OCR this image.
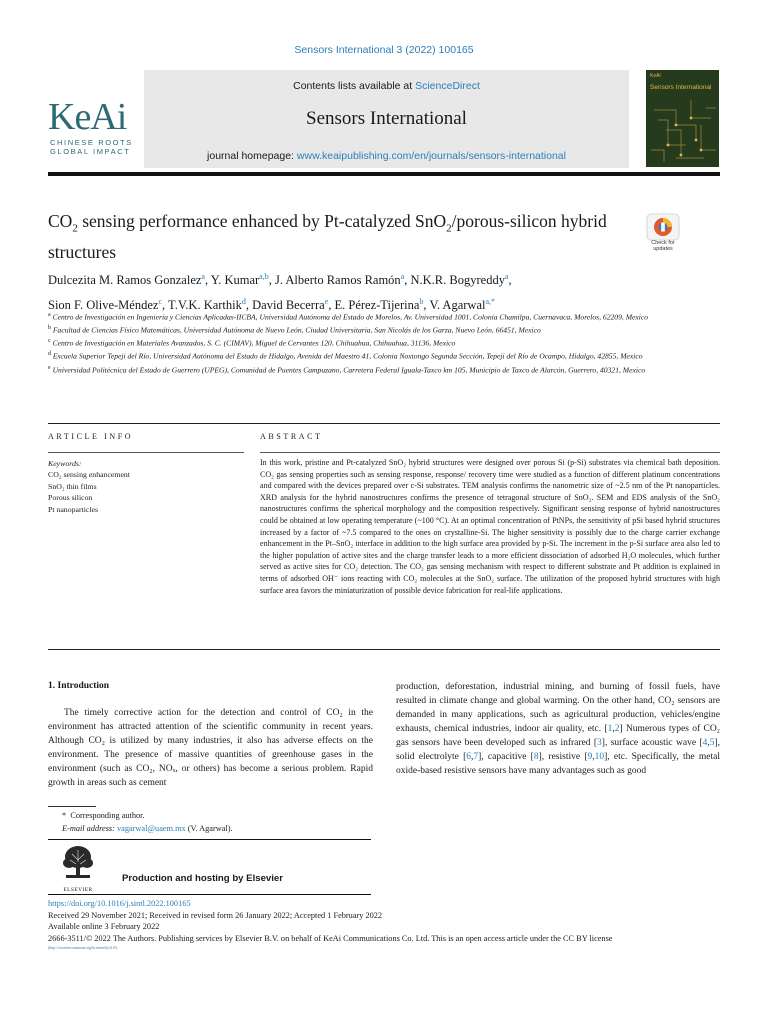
Sensors International 3 (2022) 100165
KeAi
CHINESE ROOTS
GLOBAL IMPACT
Contents lists available at ScienceDirect
Sensors International
journal homepage: www.keaipublishing.com/en/journals/sensors-international
KeAi
Sensors International
$CO_2$ sensing performance enhanced by Pt-catalyzed SnO$_2$/porous-silicon hybrid structures	Check for
updates
Dulcezita M. Ramos Gonzalez$^a$, Y. Kumar$^{a,b}$, J. Alberto Ramos Ramón$^a$, N.K.R. Bogyreddy$^a$,
Sion F. Olive-Méndez$^c$, T.V.K. Karthik$^d$, David Becerra$^e$, E. Pérez-Tijerina$^b$, V. Agarwal$^{a,*}$
$^a$ Centro de Investigación en Ingeniería y Ciencias Aplicadas-IICBA, Universidad Autónoma del Estado de Morelos, Av. Universidad 1001, Colonia Chamilpa, Cuernavaca, Morelos, 62209, Mexico
$^b$ Facultad de Ciencias Físico Matemáticas, Universidad Autónoma de Nuevo León, Ciudad Universitaria, San Nicolás de los Garza, Nuevo León, 66451, Mexico
$^c$ Centro de Investigación en Materiales Avanzados, S. C. (CIMAV), Miguel de Cervantes 120, Chihuahua, Chihuahua, 31136, Mexico
$^d$ Escuela Superior Tepeji del Río, Universidad Autónoma del Estado de Hidalgo, Avenida del Maestro 41, Colonia Noxtongo Segunda Sección, Tepeji del Río de Ocampo, Hidalgo, 42855, Mexico
$^e$ Universidad Politécnica del Estado de Guerrero (UPEG), Comunidad de Puentes Campuzano, Carretera Federal Iguala-Taxco km 105, Municipio de Taxco de Alarcón, Guerrero, 40321, Mexico
ARTICLE INFO
Keywords:
CO₂ sensing enhancement
SnO₂ thin films
Porous silicon
Pt nanoparticles
ABSTRACT
In this work, pristine and Pt-catalyzed SnO₂ hybrid structures were designed over porous Si (p-Si) substrates via chemical bath deposition. CO₂ gas sensing properties such as sensing response, response/ recovery time were studied as a function of different platinum concentrations and compared with the devices prepared over c-Si substrates. TEM analysis confirms the nanometric size of ~2.5 nm of the Pt nanoparticles. XRD analysis for the hybrid nanostructures confirms the presence of tetragonal structure of SnO₂. SEM and EDS analysis of the SnO₂ nanostructures confirms the spherical morphology and the composition respectively. Significant sensing response of hybrid nanostructures could be obtained at low operating temperature (~100 °C). At an optimal concentration of PtNPs, the sensitivity of pSi based hybrid structures increased by a factor of ~7.5 compared to the ones on crystalline-Si. The higher sensitivity is possibly due to the charge carrier exchange enhancement in the Pt–SnO₂ interface in addition to the high surface area provided by p-Si. The increment in the p-Si surface area also led to the higher population of active sites and the charge transfer leads to a more efficient dissociation of adsorbed H₂O molecules, which further served as active sites for CO₂ detection. The CO₂ gas sensing mechanism with respect to different substrate and Pt addition is explained in terms of adsorbed OH⁻ ions reacting with CO₂ molecules at the SnO₂ surface. The utilization of the proposed hybrid structures with high surface area favors the miniaturization of possible device fabrication for real-life applications.
1. Introduction
The timely corrective action for the detection and control of CO₂ in the environment has attracted attention of the scientific community in recent years. Although CO₂ is utilized by many industries, it also has adverse effects on the environment. The presence of massive quantities of greenhouse gases in the environment (such as CO₂, NOₓ, or others) has become a serious problem. Rapid growth in areas such as cement
production, deforestation, industrial mining, and burning of fossil fuels, have resulted in climate change and global warming. On the other hand, CO₂ sensors are demanded in many applications, such as agricultural production, vehicles/engine exhausts, chemical industries, indoor air quality, etc. [1,2] Numerous types of CO₂ gas sensors have been developed such as infrared [3], surface acoustic wave [4,5], solid electrolyte [6,7], capacitive [8], resistive [9,10], etc. Specifically, the metal oxide-based resistive sensors have many advantages such as good
* Corresponding author.
E-mail address: vagarwal@uaem.mx (V. Agarwal).
ELSEVIER
Production and hosting by Elsevier
https://doi.org/10.1016/j.sintl.2022.100165
Received 29 November 2021; Received in revised form 26 January 2022; Accepted 1 February 2022
Available online 3 February 2022
2666-3511/© 2022 The Authors. Publishing services by Elsevier B.V. on behalf of KeAi Communications Co. Ltd. This is an open access article under the CC BY license
(http://creativecommons.org/licenses/by/4.0/).
